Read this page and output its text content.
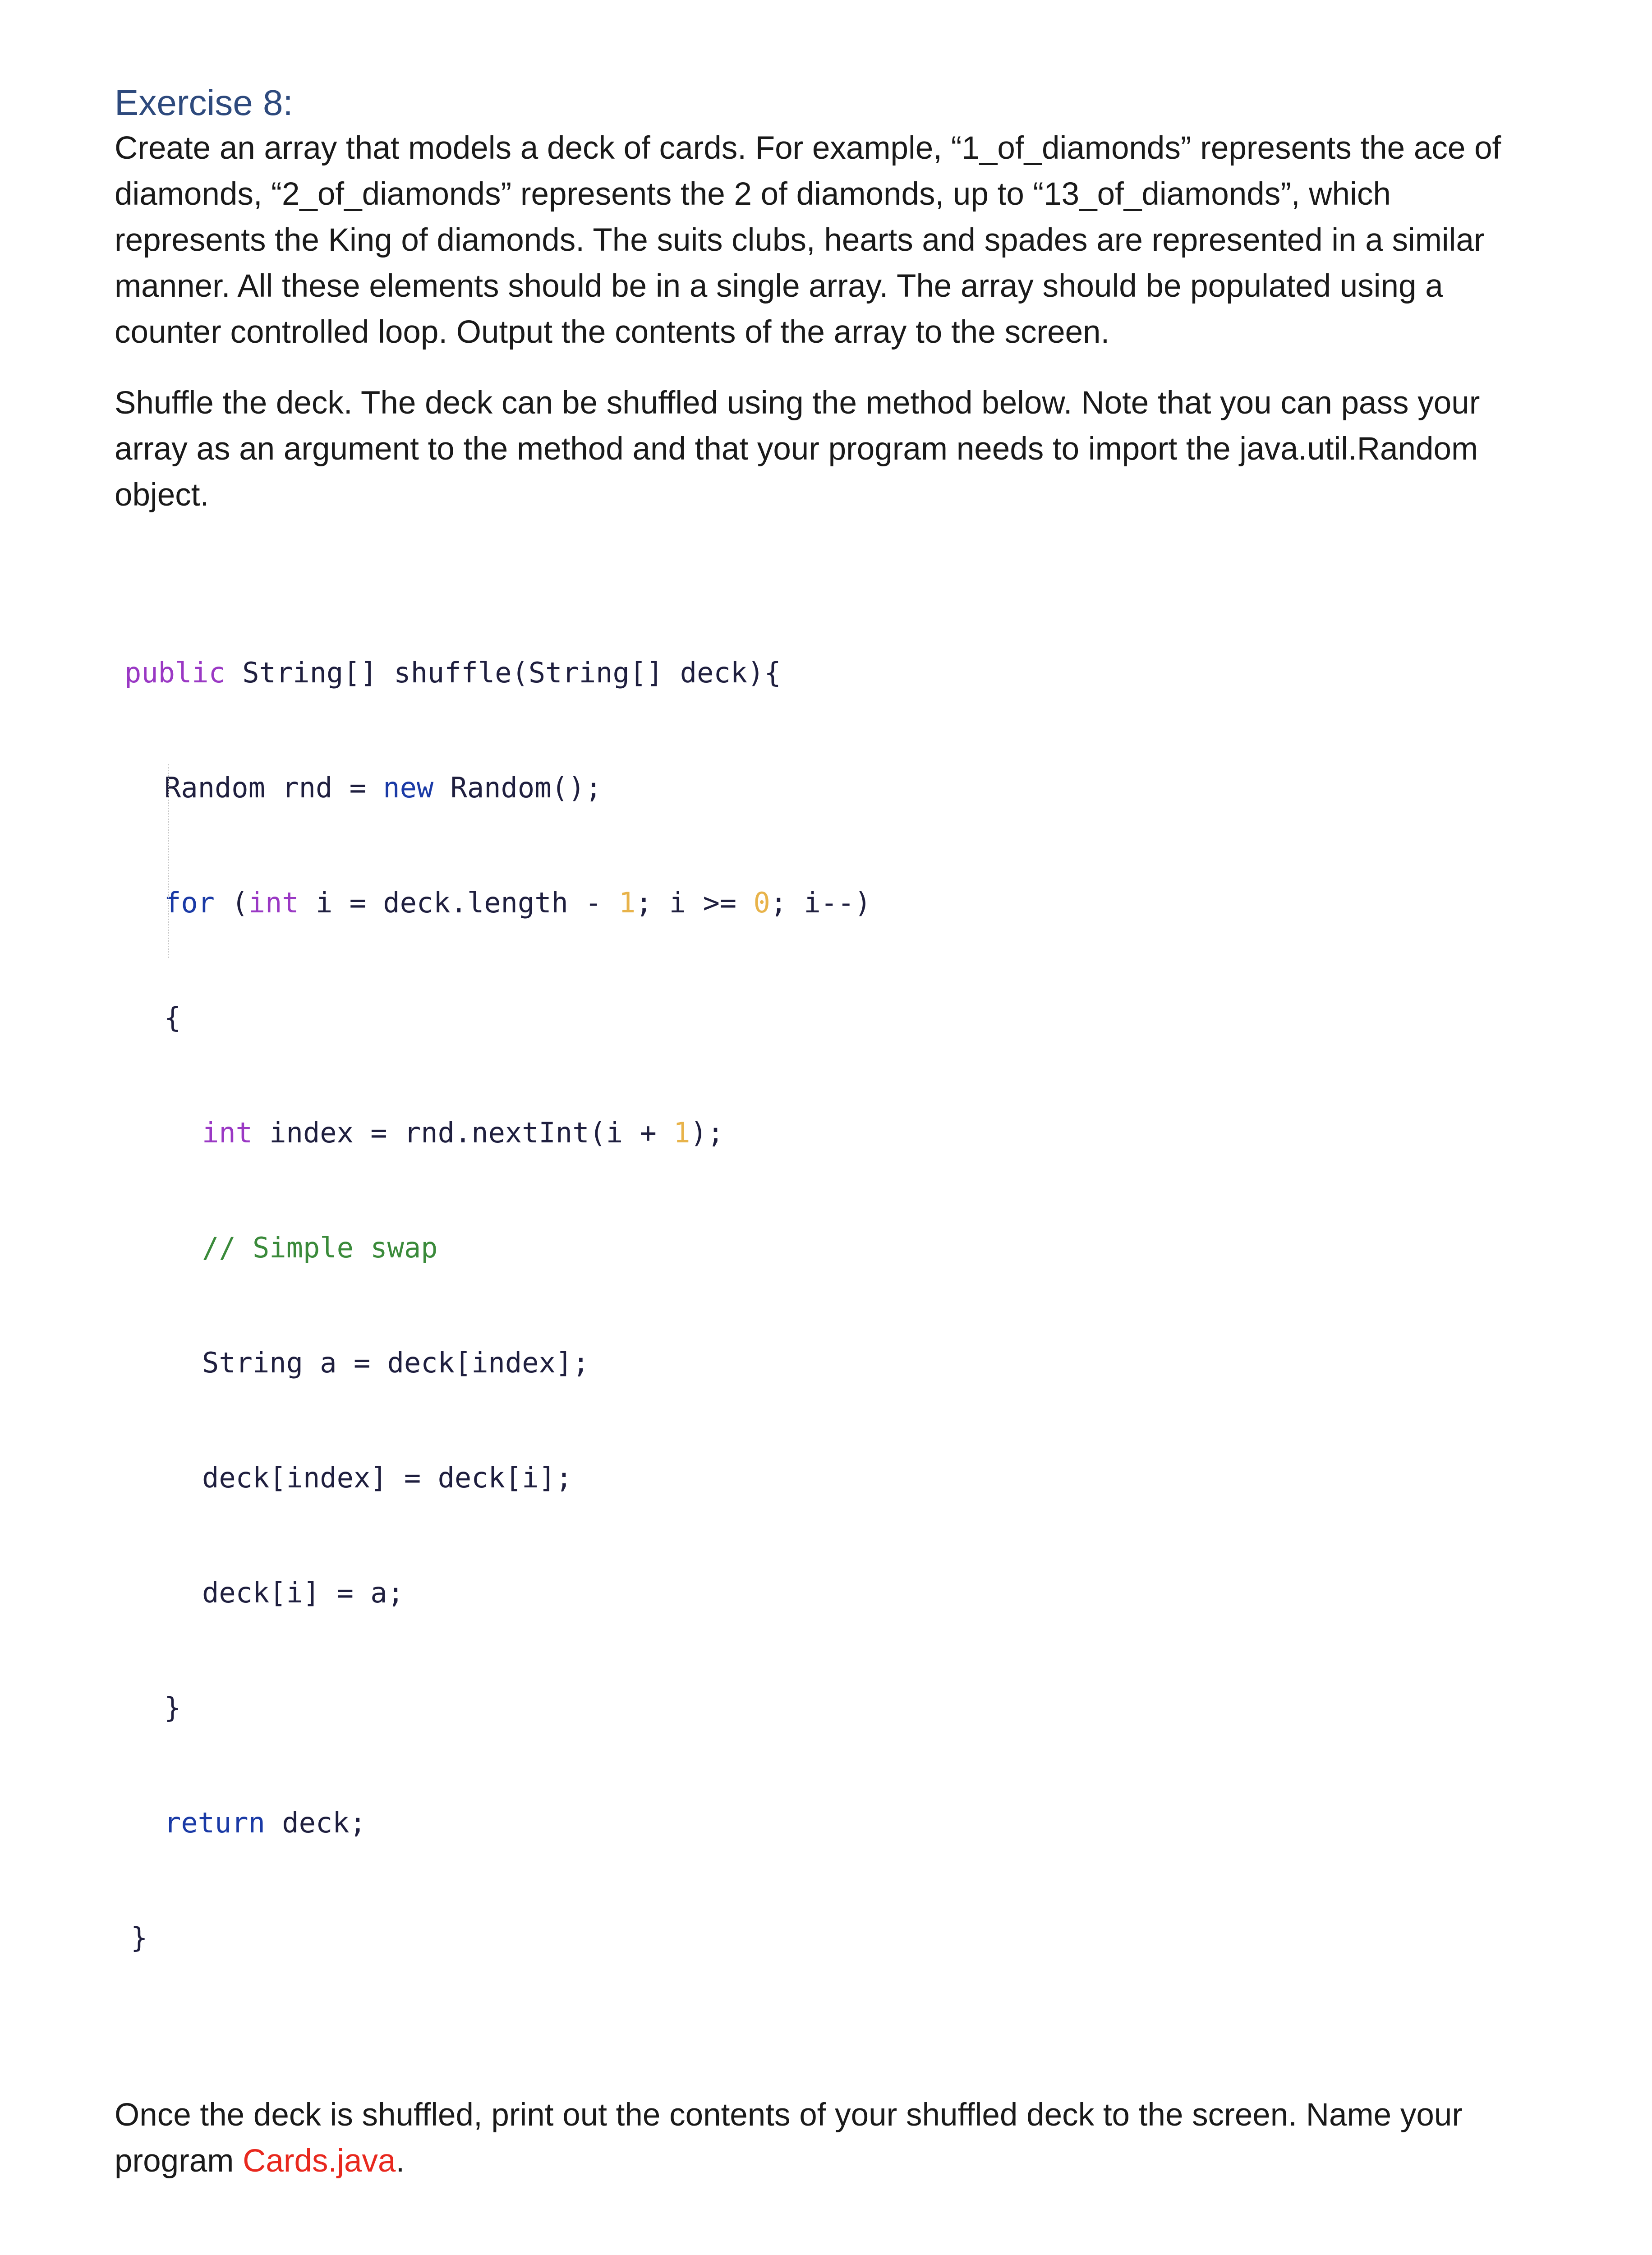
Exercise 8:

Create an array that models a deck of cards. For example, “1_of_diamonds” represents the ace of
diamonds, “2_of_diamonds” represents the 2 of diamonds, up to “13_of_diamonds”, which
represents the King of diamonds. The suits clubs, hearts and spades are represented in a similar
manner. All these elements should be in a single array. The array should be populated using a
counter controlled loop. Output the contents of the array to the screen.

Shuffle the deck. The deck can be shuffled using the method below. Note that you can pass your
array as an argument to the method and that your program needs to import the java.util.Random
object.

public String[] shuffle(String[] deck){

Random rnd = new Random();

for (int i = deck.length - 1; i >= 0; i--)

{

int index = rnd.nextInt(i + 1);

// Simple swap

String a = deck[index];

deck[index] = deck[i];

deck[i] = a;

}

return deck;

}

Once the deck is shuffled, print out the contents of your shuffled deck to the screen. Name your
program Cards.java.
